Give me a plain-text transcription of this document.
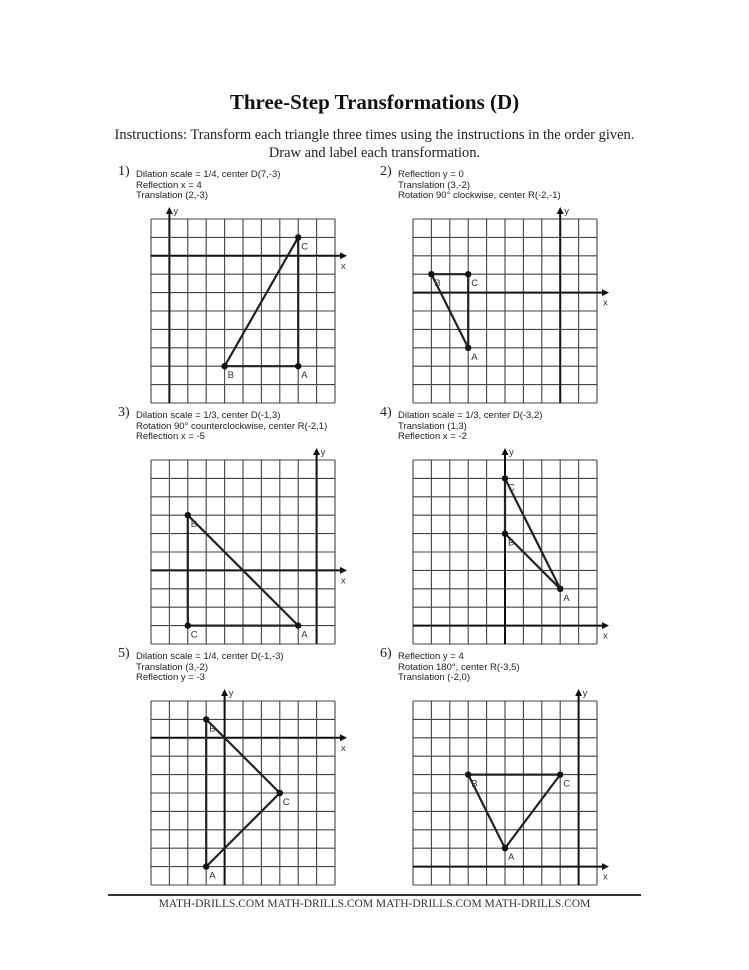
Three-Step Transformations (D)
Instructions: Transform each triangle three times using the instructions in the order given.
Draw and label each transformation.
1) Dilation scale = 1/4, center D(7,-3)
Reflection x = 4
Translation (2,-3)
x
y
A
B
C
2) Reflection y = 0
Translation (3,-2)
Rotation 90° clockwise, center R(-2,-1)
x
y
A
B	C
3) Dilation scale = 1/3, center D(-1,3)
Rotation 90° counterclockwise, center R(-2,1)
Reflection x = -5
x
y
A
B
C
4) Dilation scale = 1/3, center D(-3,2)
Translation (1,3)
Reflection x = -2
x
y
A
B
C
5) Dilation scale = 1/4, center D(-1,-3)
Translation (3,-2)
Reflection y = -3
x
y
A
B
C
6) Reflection y = 4
Rotation 180°, center R(-3,5)
Translation (-2,0)
x
y
A
B	C
MATH-DRILLS.COM MATH-DRILLS.COM MATH-DRILLS.COM MATH-DRILLS.COM
